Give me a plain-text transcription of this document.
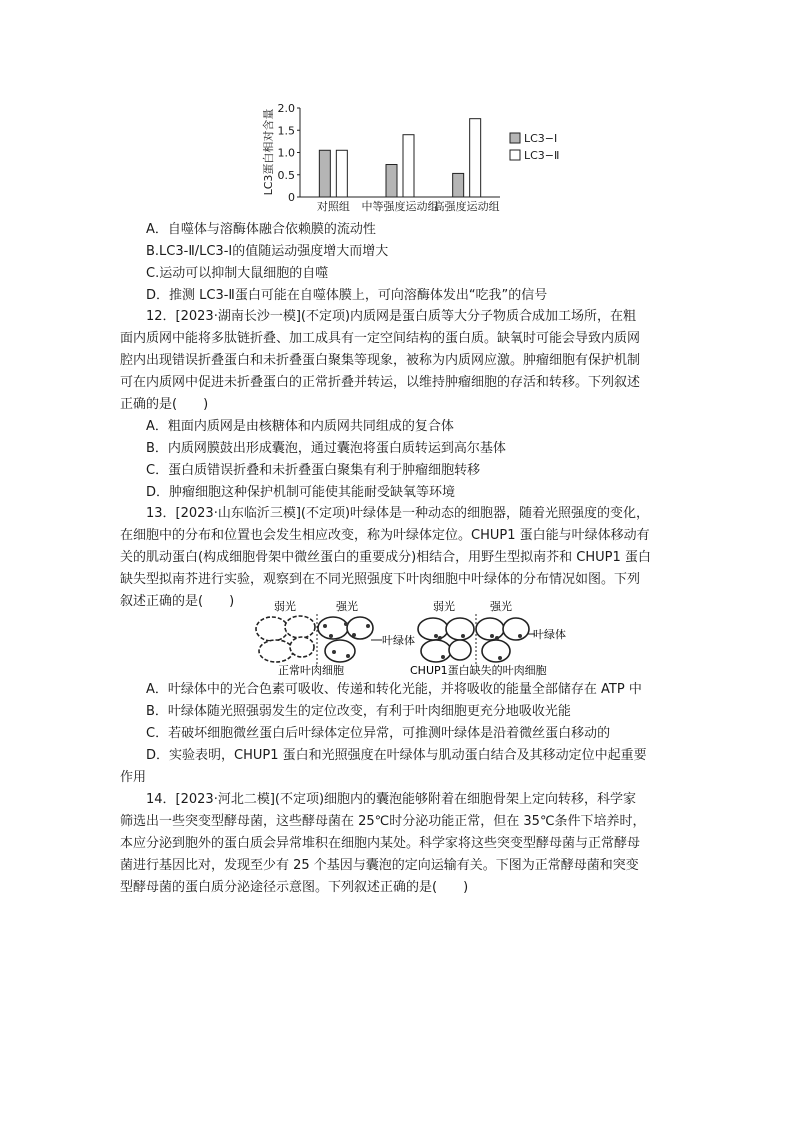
LC3蛋白相对含量
0
0.5
1.0
1.5
2.0
对照组 中等强度运动组
高强度运动组
LC3−Ⅰ
LC3−Ⅱ
A．自噬体与溶酶体融合依赖膜的流动性
B.LC3-Ⅱ/LC3-Ⅰ的值随运动强度增大而增大
C.运动可以抑制大鼠细胞的自噬
D．推测 LC3-Ⅱ蛋白可能在自噬体膜上，可向溶酶体发出“吃我”的信号
12．[2023·湖南长沙一模](不定项)内质网是蛋白质等大分子物质合成加工场所，在粗
面内质网中能将多肽链折叠、加工成具有一定空间结构的蛋白质。缺氧时可能会导致内质网
腔内出现错误折叠蛋白和未折叠蛋白聚集等现象，被称为内质网应激。肿瘤细胞有保护机制
可在内质网中促进未折叠蛋白的正常折叠并转运，以维持肿瘤细胞的存活和转移。下列叙述
正确的是(　　)
A．粗面内质网是由核糖体和内质网共同组成的复合体
B．内质网膜鼓出形成囊泡，通过囊泡将蛋白质转运到高尔基体
C．蛋白质错误折叠和未折叠蛋白聚集有利于肿瘤细胞转移
D．肿瘤细胞这种保护机制可能使其能耐受缺氧等环境
13．[2023·山东临沂三模](不定项)叶绿体是一种动态的细胞器，随着光照强度的变化，
在细胞中的分布和位置也会发生相应改变，称为叶绿体定位。CHUP1 蛋白能与叶绿体移动有
关的肌动蛋白(构成细胞骨架中微丝蛋白的重要成分)相结合，用野生型拟南芥和 CHUP1 蛋白
缺失型拟南芥进行实验，观察到在不同光照强度下叶肉细胞中叶绿体的分布情况如图。下列
叙述正确的是(　　)	弱光	强光	弱光	强光
叶绿体	叶绿体
正常叶肉细胞	CHUP1蛋白缺失的叶肉细胞
A．叶绿体中的光合色素可吸收、传递和转化光能，并将吸收的能量全部储存在 ATP 中
B．叶绿体随光照强弱发生的定位改变，有利于叶肉细胞更充分地吸收光能
C．若破坏细胞微丝蛋白后叶绿体定位异常，可推测叶绿体是沿着微丝蛋白移动的
D．实验表明，CHUP1 蛋白和光照强度在叶绿体与肌动蛋白结合及其移动定位中起重要
作用
14．[2023·河北二模](不定项)细胞内的囊泡能够附着在细胞骨架上定向转移，科学家
筛选出一些突变型酵母菌，这些酵母菌在 25℃时分泌功能正常，但在 35℃条件下培养时，
本应分泌到胞外的蛋白质会异常堆积在细胞内某处。科学家将这些突变型酵母菌与正常酵母
菌进行基因比对，发现至少有 25 个基因与囊泡的定向运输有关。下图为正常酵母菌和突变
型酵母菌的蛋白质分泌途径示意图。下列叙述正确的是(　　)
